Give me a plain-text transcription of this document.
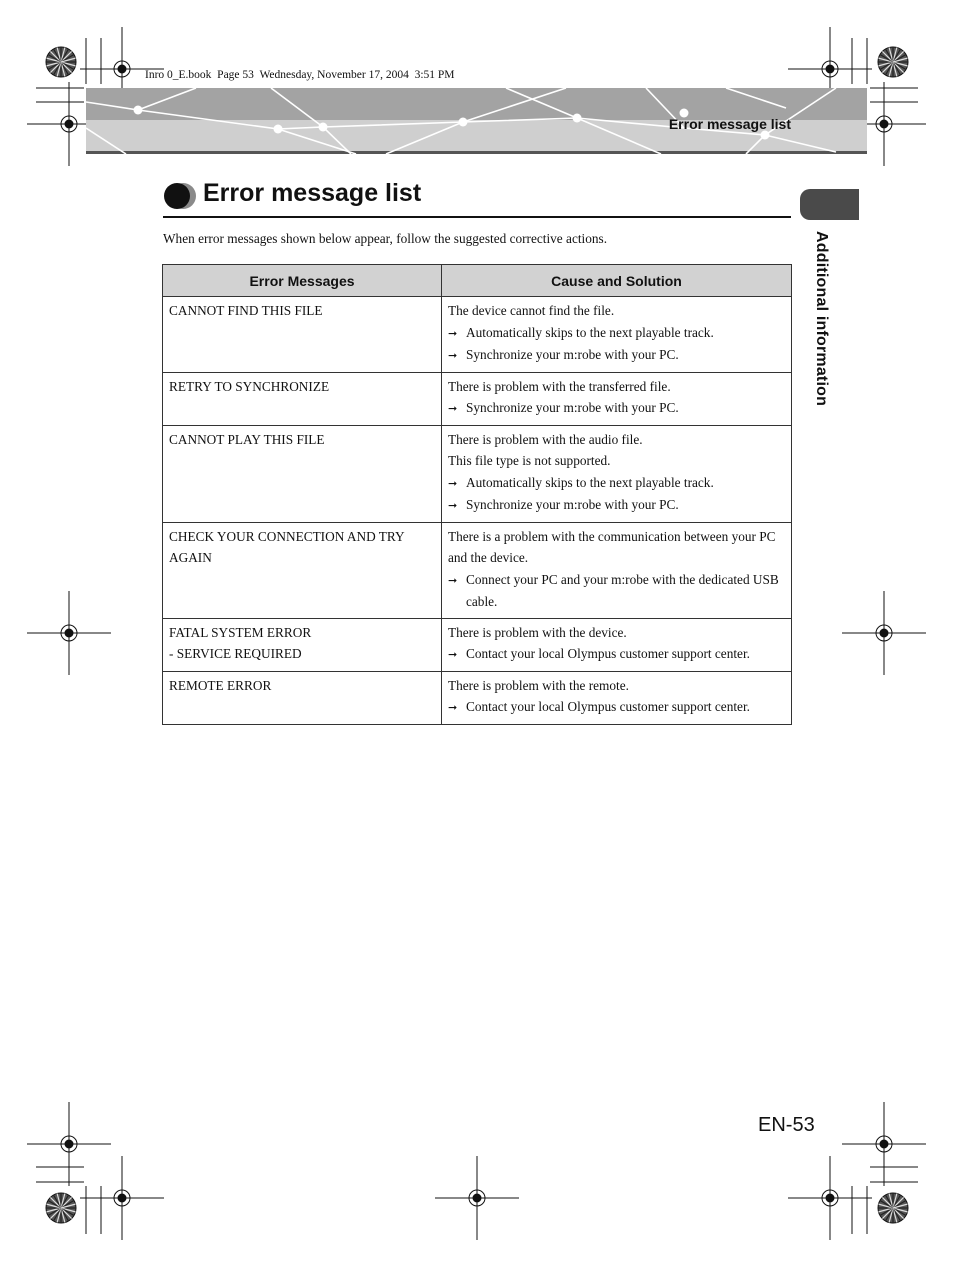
Inro 0_E.book  Page 53  Wednesday, November 17, 2004  3:51 PM
Error message list
Error message list
Additional information
When error messages shown below appear, follow the suggested corrective actions.
Error Messages	Cause and Solution

CANNOT FIND THIS FILE	The device cannot find the file.
➞ Automatically skips to the next playable track.
➞ Synchronize your m:robe with your PC.

RETRY TO SYNCHRONIZE	There is problem with the transferred file.
➞ Synchronize your m:robe with your PC.

CANNOT PLAY THIS FILE	There is problem with the audio file.
This file type is not supported.
➞ Automatically skips to the next playable track.
➞ Synchronize your m:robe with your PC.

CHECK YOUR CONNECTION AND TRY AGAIN	There is a problem with the communication between your PC and the device.
➞ Connect your PC and your m:robe with the dedicated USB cable.

FATAL SYSTEM ERROR
- SERVICE REQUIRED	There is problem with the device.
➞ Contact your local Olympus customer support center.

REMOTE ERROR	There is problem with the remote.
➞ Contact your local Olympus customer support center.
EN-53
